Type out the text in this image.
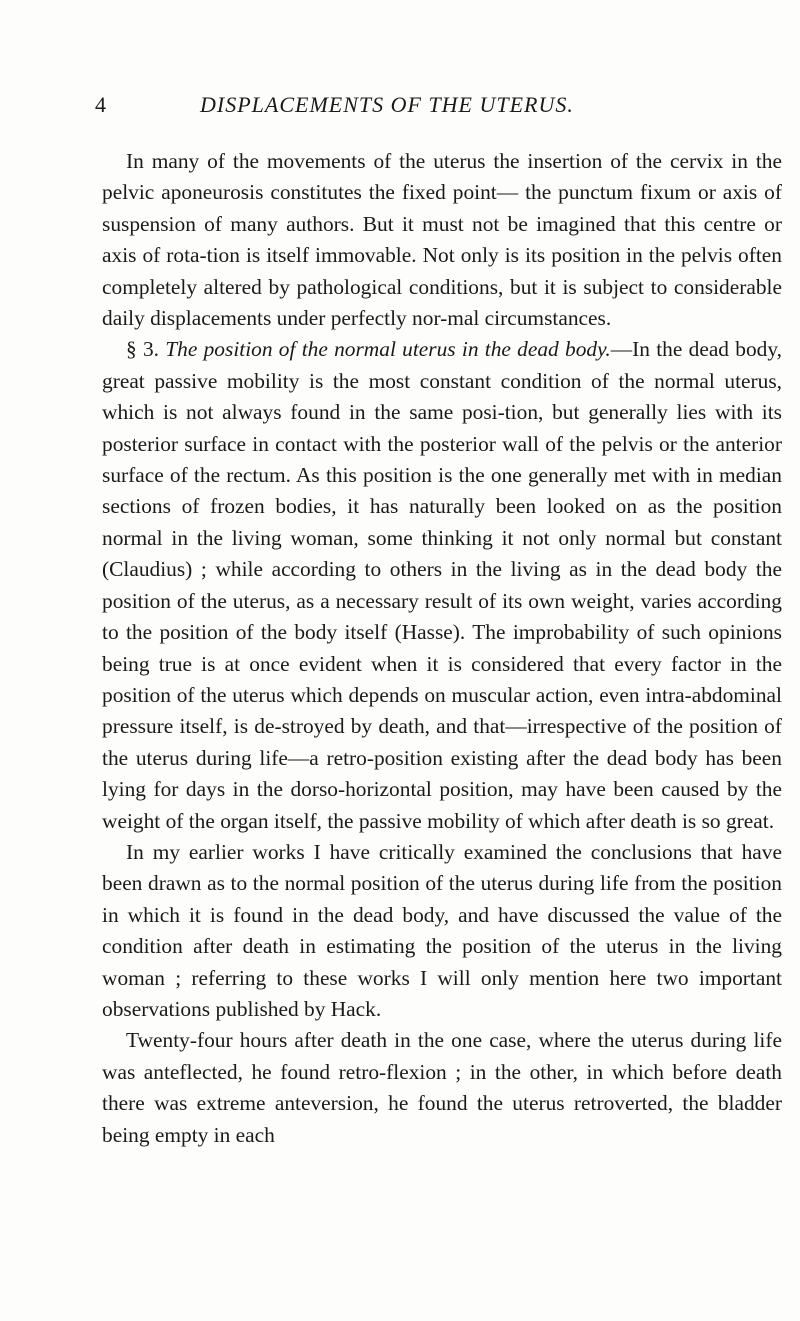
4	DISPLACEMENTS OF THE UTERUS.

In many of the movements of the uterus the insertion of the cervix in the pelvic aponeurosis constitutes the fixed point— the punctum fixum or axis of suspension of many authors. But it must not be imagined that this centre or axis of rota-tion is itself immovable. Not only is its position in the pelvis often completely altered by pathological conditions, but it is subject to considerable daily displacements under perfectly nor-mal circumstances.

§ 3. The position of the normal uterus in the dead body.—In the dead body, great passive mobility is the most constant condition of the normal uterus, which is not always found in the same posi-tion, but generally lies with its posterior surface in contact with the posterior wall of the pelvis or the anterior surface of the rectum. As this position is the one generally met with in median sections of frozen bodies, it has naturally been looked on as the position normal in the living woman, some thinking it not only normal but constant (Claudius) ; while according to others in the living as in the dead body the position of the uterus, as a necessary result of its own weight, varies according to the position of the body itself (Hasse). The improbability of such opinions being true is at once evident when it is considered that every factor in the position of the uterus which depends on muscular action, even intra-abdominal pressure itself, is de-stroyed by death, and that—irrespective of the position of the uterus during life—a retro-position existing after the dead body has been lying for days in the dorso-horizontal position, may have been caused by the weight of the organ itself, the passive mobility of which after death is so great.

In my earlier works I have critically examined the conclusions that have been drawn as to the normal position of the uterus during life from the position in which it is found in the dead body, and have discussed the value of the condition after death in estimating the position of the uterus in the living woman ; referring to these works I will only mention here two important observations published by Hack.

Twenty-four hours after death in the one case, where the uterus during life was anteflected, he found retro-flexion ; in the other, in which before death there was extreme anteversion, he found the uterus retroverted, the bladder being empty in each
